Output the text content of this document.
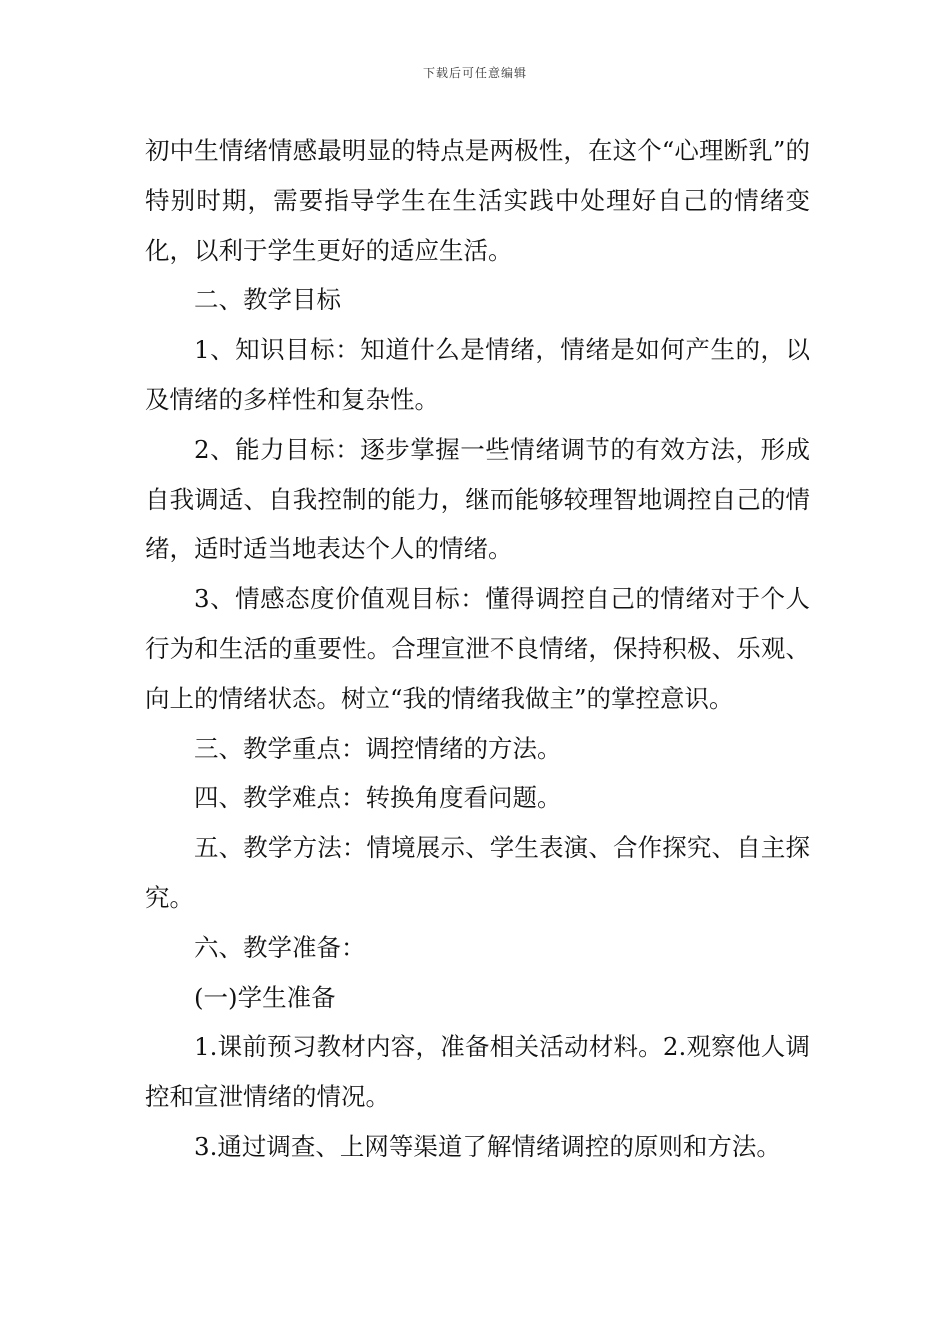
下载后可任意编辑

初中生情绪情感最明显的特点是两极性，在这个“心理断乳”的特别时期，需要指导学生在生活实践中处理好自己的情绪变化，以利于学生更好的适应生活。

二、教学目标

1、知识目标：知道什么是情绪，情绪是如何产生的，以及情绪的多样性和复杂性。

2、能力目标：逐步掌握一些情绪调节的有效方法，形成自我调适、自我控制的能力，继而能够较理智地调控自己的情绪，适时适当地表达个人的情绪。

3、情感态度价值观目标：懂得调控自己的情绪对于个人行为和生活的重要性。合理宣泄不良情绪，保持积极、乐观、向上的情绪状态。树立“我的情绪我做主”的掌控意识。

三、教学重点：调控情绪的方法。

四、教学难点：转换角度看问题。

五、教学方法：情境展示、学生表演、合作探究、自主探究。

六、教学准备：

(一)学生准备

1.课前预习教材内容，准备相关活动材料。2.观察他人调控和宣泄情绪的情况。

3.通过调查、上网等渠道了解情绪调控的原则和方法。
